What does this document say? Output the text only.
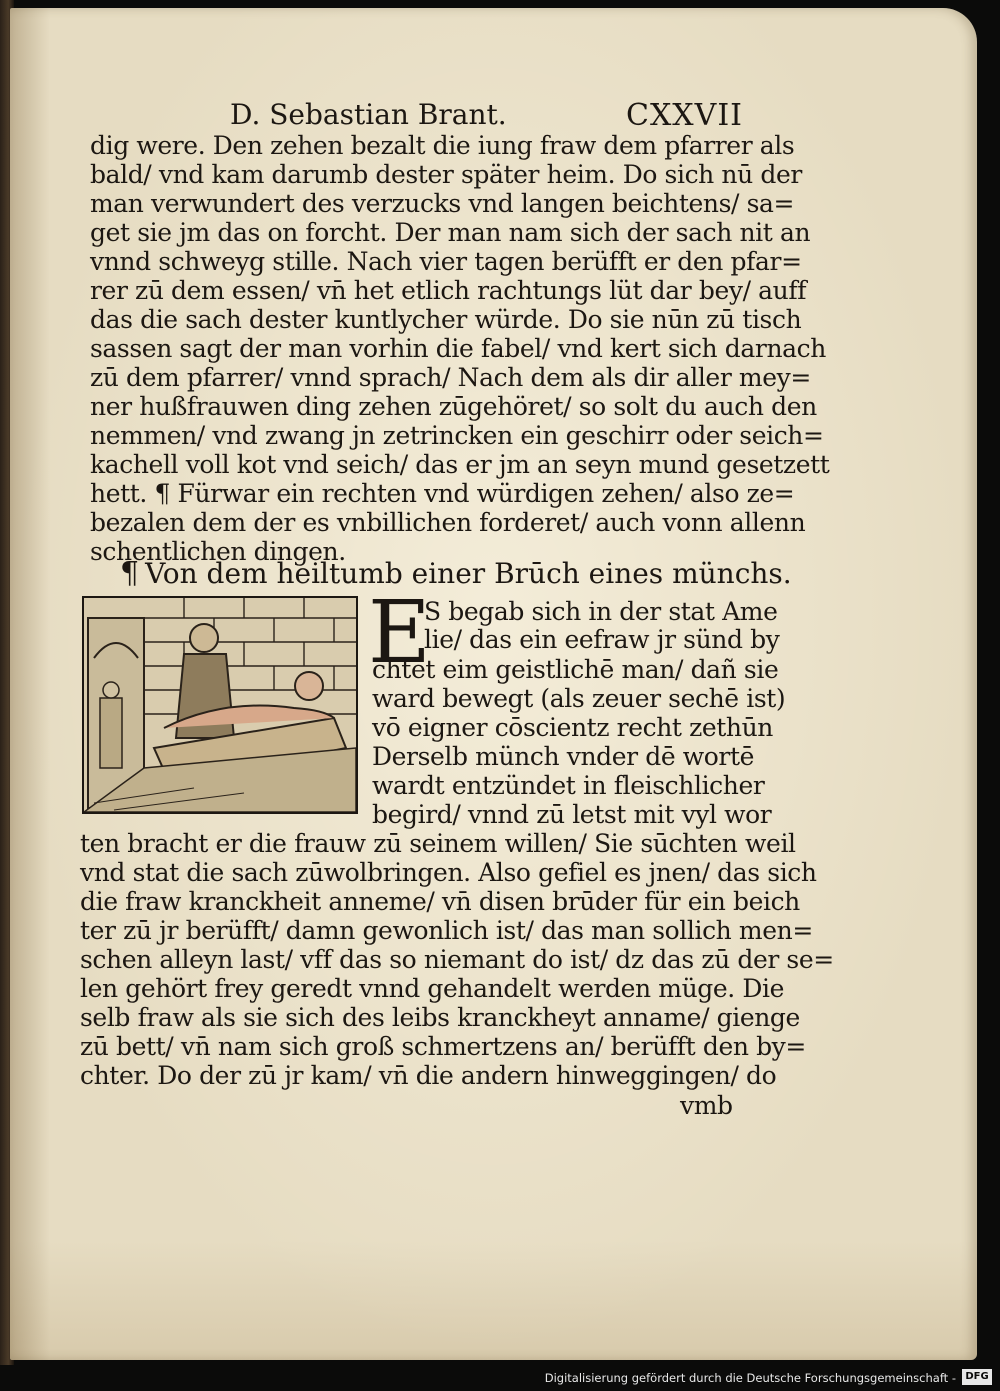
D. Sebastian Brant.	CXXVII
dig were. Den zehen bezalt die iung fraw dem pfarrer als
bald/ vnd kam darumb dester später heim. Do sich nū der
man verwundert des verzucks vnd langen beichtens/ sa=
get sie jm das on forcht. Der man nam sich der sach nit an
vnnd schweyg stille. Nach vier tagen berüfft er den pfar=
rer zū dem essen/ vn̄ het etlich rachtungs lüt dar bey/ auff
das die sach dester kuntlycher würde. Do sie nūn zū tisch
sassen sagt der man vorhin die fabel/ vnd kert sich darnach
zū dem pfarrer/ vnnd sprach/ Nach dem als dir aller mey=
ner hußfrauwen ding zehen zūgehöret/ so solt du auch den
nemmen/ vnd zwang jn zetrincken ein geschirr oder seich=
kachell voll kot vnd seich/ das er jm an seyn mund gesetzett
hett. ¶ Fürwar ein rechten vnd würdigen zehen/ also ze=
bezalen dem der es vnbillichen forderet/ auch vonn allenn
schentlichen dingen.
¶ Von dem heiltumb einer Brūch eines münchs.
E
S begab sich in der stat Ame
lie/ das ein eefraw jr sünd by
chtet eim geistlichē man/ dañ sie
ward bewegt (als zeuer sechē ist)
vō eigner cōscientz recht zethūn
Derselb münch vnder dē wortē
wardt entzündet in fleischlicher
begird/ vnnd zū letst mit vyl wor
ten bracht er die frauw zū seinem willen/ Sie sūchten weil
vnd stat die sach zūwolbringen. Also gefiel es jnen/ das sich
die fraw kranckheit anneme/ vn̄ disen brūder für ein beich
ter zū jr berüfft/ damn gewonlich ist/ das man sollich men=
schen alleyn last/ vff das so niemant do ist/ dz das zū der se=
len gehört frey geredt vnnd gehandelt werden müge. Die
selb fraw als sie sich des leibs kranckheyt anname/ gienge
zū bett/ vn̄ nam sich groß schmertzens an/ berüfft den by=
chter. Do der zū jr kam/ vn̄ die andern hinweggingen/ do
vmb
Digitalisierung gefördert durch die Deutsche Forschungsgemeinschaft - DFG
